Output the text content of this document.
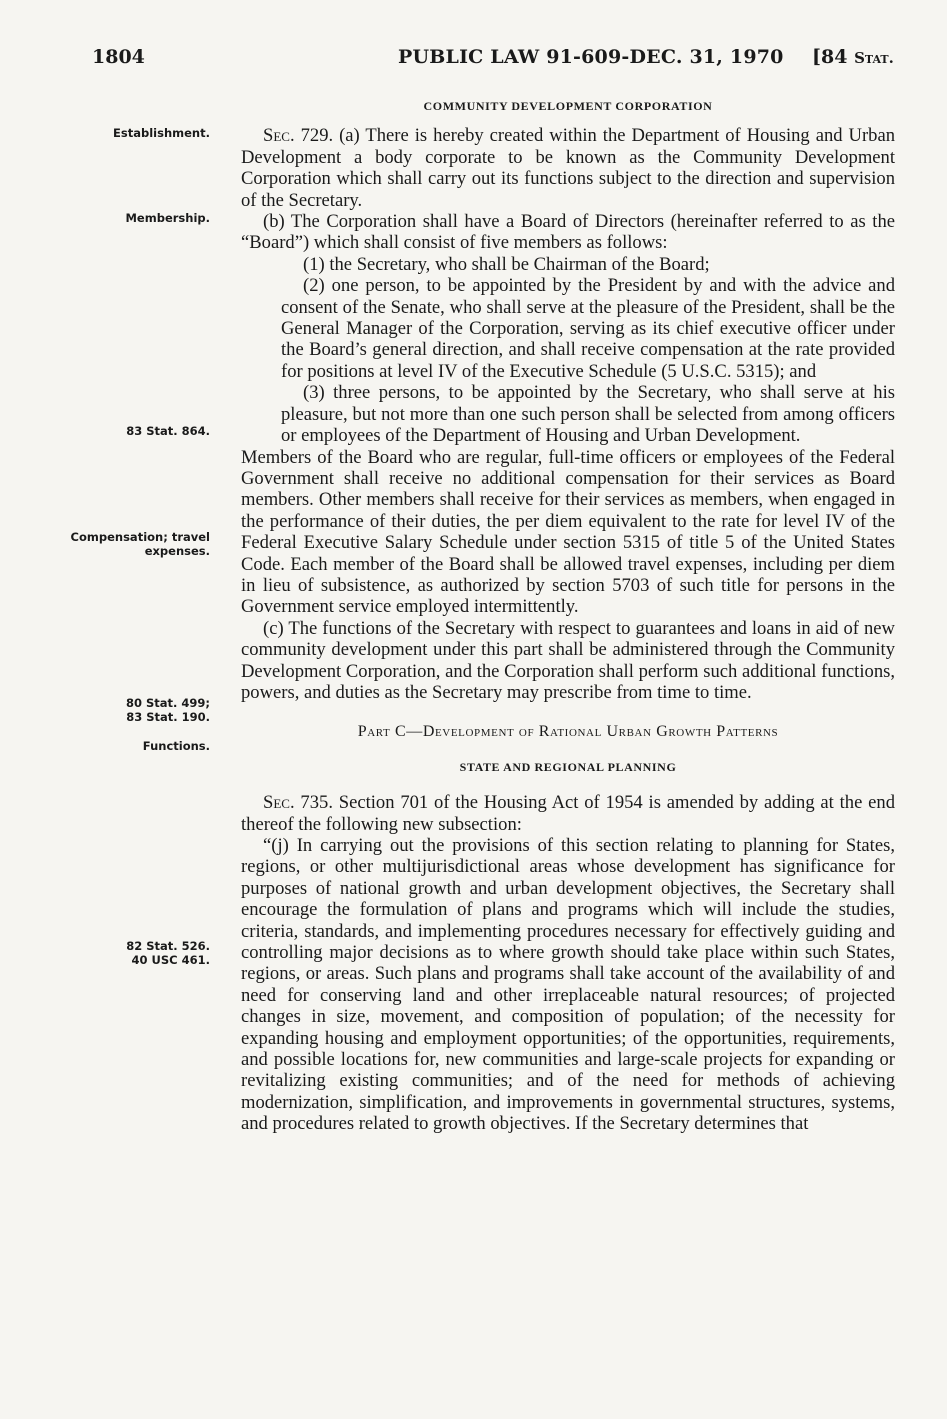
1804	PUBLIC LAW 91-609-DEC. 31, 1970 [84 Stat.
Establishment.
Membership.
83 Stat. 864.
Compensation; travel expenses.
80 Stat. 499;
83 Stat. 190.
Functions.
82 Stat. 526.
40 USC 461.

COMMUNITY DEVELOPMENT CORPORATION

Sec. 729. (a) There is hereby created within the Department of Housing and Urban Development a body corporate to be known as the Community Development Corporation which shall carry out its functions subject to the direction and supervision of the Secretary.

(b) The Corporation shall have a Board of Directors (hereinafter referred to as the “Board”) which shall consist of five members as follows:

(1) the Secretary, who shall be Chairman of the Board;

(2) one person, to be appointed by the President by and with the advice and consent of the Senate, who shall serve at the pleasure of the President, shall be the General Manager of the Corporation, serving as its chief executive officer under the Board’s general direction, and shall receive compensation at the rate provided for positions at level IV of the Executive Schedule (5 U.S.C. 5315); and

(3) three persons, to be appointed by the Secretary, who shall serve at his pleasure, but not more than one such person shall be selected from among officers or employees of the Department of Housing and Urban Development.

Members of the Board who are regular, full-time officers or employees of the Federal Government shall receive no additional compensation for their services as Board members. Other members shall receive for their services as members, when engaged in the performance of their duties, the per diem equivalent to the rate for level IV of the Federal Executive Salary Schedule under section 5315 of title 5 of the United States Code. Each member of the Board shall be allowed travel expenses, including per diem in lieu of subsistence, as authorized by section 5703 of such title for persons in the Government service employed intermittently.

(c) The functions of the Secretary with respect to guarantees and loans in aid of new community development under this part shall be administered through the Community Development Corporation, and the Corporation shall perform such additional functions, powers, and duties as the Secretary may prescribe from time to time.

Part C—Development of Rational Urban Growth Patterns

STATE AND REGIONAL PLANNING

Sec. 735. Section 701 of the Housing Act of 1954 is amended by adding at the end thereof the following new subsection:

“(j) In carrying out the provisions of this section relating to planning for States, regions, or other multijurisdictional areas whose development has significance for purposes of national growth and urban development objectives, the Secretary shall encourage the formulation of plans and programs which will include the studies, criteria, standards, and implementing procedures necessary for effectively guiding and controlling major decisions as to where growth should take place within such States, regions, or areas. Such plans and programs shall take account of the availability of and need for conserving land and other irreplaceable natural resources; of projected changes in size, movement, and composition of population; of the necessity for expanding housing and employment opportunities; of the opportunities, requirements, and possible locations for, new communities and large-scale projects for expanding or revitalizing existing communities; and of the need for methods of achieving modernization, simplification, and improvements in governmental structures, systems, and procedures related to growth objectives. If the Secretary determines that
